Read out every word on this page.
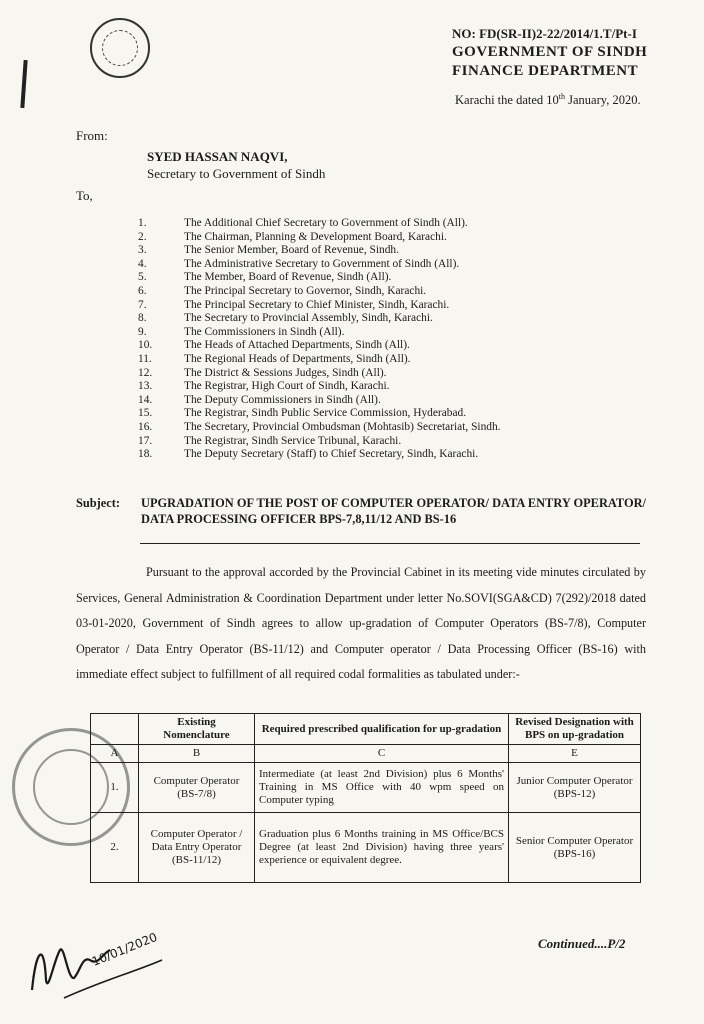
NO: FD(SR-II)2-22/2014/1.T/Pt-I
GOVERNMENT OF SINDH
FINANCE DEPARTMENT
Karachi the dated 10th January, 2020.
From:
SYED HASSAN NAQVI,
Secretary to Government of Sindh
To,
1.	The Additional Chief Secretary to Government of Sindh (All).
2.	The Chairman, Planning & Development Board, Karachi.
3.	The Senior Member, Board of Revenue, Sindh.
4.	The Administrative Secretary to Government of Sindh (All).
5.	The Member, Board of Revenue, Sindh (All).
6.	The Principal Secretary to Governor, Sindh, Karachi.
7.	The Principal Secretary to Chief Minister, Sindh, Karachi.
8.	The Secretary to Provincial Assembly, Sindh, Karachi.
9.	The Commissioners in Sindh (All).
10.	The Heads of Attached Departments, Sindh (All).
11.	The Regional Heads of Departments, Sindh (All).
12.	The District & Sessions Judges, Sindh (All).
13.	The Registrar, High Court of Sindh, Karachi.
14.	The Deputy Commissioners in Sindh (All).
15.	The Registrar, Sindh Public Service Commission, Hyderabad.
16.	The Secretary, Provincial Ombudsman (Mohtasib) Secretariat, Sindh.
17.	The Registrar, Sindh Service Tribunal, Karachi.
18.	The Deputy Secretary (Staff) to Chief Secretary, Sindh, Karachi.
Subject: UPGRADATION OF THE POST OF COMPUTER OPERATOR/ DATA ENTRY OPERATOR/ DATA PROCESSING OFFICER BPS-7,8,11/12 AND BS-16
Pursuant to the approval accorded by the Provincial Cabinet in its meeting vide minutes circulated by Services, General Administration & Coordination Department under letter No.SOVI(SGA&CD) 7(292)/2018 dated 03-01-2020, Government of Sindh agrees to allow up-gradation of Computer Operators (BS-7/8), Computer Operator / Data Entry Operator (BS-11/12) and Computer operator / Data Processing Officer (BS-16) with immediate effect subject to fulfillment of all required codal formalities as tabulated under:-
	Existing Nomenclature	Required prescribed qualification for up-gradation	Revised Designation with BPS on up-gradation
A	B	C	E
1.	Computer Operator (BS-7/8)	Intermediate (at least 2nd Division) plus 6 Months' Training in MS Office with 40 wpm speed on Computer typing	Junior Computer Operator (BPS-12)
2.	Computer Operator / Data Entry Operator (BS-11/12)	Graduation plus 6 Months training in MS Office/BCS Degree (at least 2nd Division) having three years' experience or equivalent degree.	Senior Computer Operator (BPS-16)
10/01/2020	Continued....P/2
